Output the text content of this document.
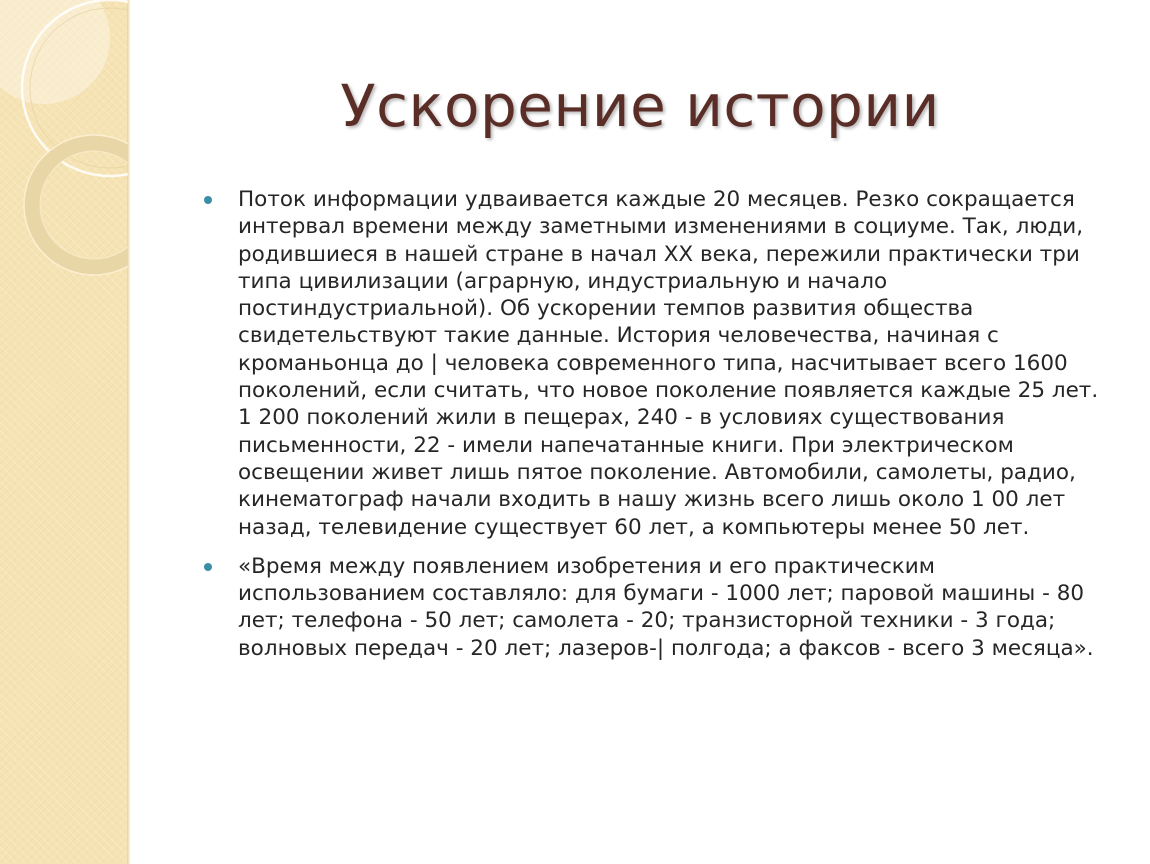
Ускорение истории
Поток информации удваивается каждые 20 месяцев. Резко сокращается интервал времени между заметными изменениями в социуме. Так, люди, родившиеся в нашей стране в начал XX века, пережили практически три типа цивилизации (аграрную, индустриальную и начало постиндустриальной). Об ускорении темпов развития общества свидетельствуют такие данные. История человечества, начиная с кроманьонца до | человека современного типа, насчитывает всего 1600 поколений, если считать, что новое поколение появляется каждые 25 лет. 1 200 поколений жили в пещерах, 240 - в условиях существования письменности, 22 - имели напечатанные книги. При электрическом освещении живет лишь пятое поколение. Автомобили, самолеты, радио, кинематограф начали входить в нашу жизнь всего лишь около 1 00 лет назад, телевидение существует 60 лет, а компьютеры менее 50 лет.
«Время между появлением изобретения и его практическим использованием составляло: для бумаги - 1000 лет; паровой машины - 80 лет; телефона - 50 лет; самолета - 20; транзисторной техники - 3 года; волновых передач - 20 лет; лазеров-| полгода; а факсов - всего 3 месяца».
